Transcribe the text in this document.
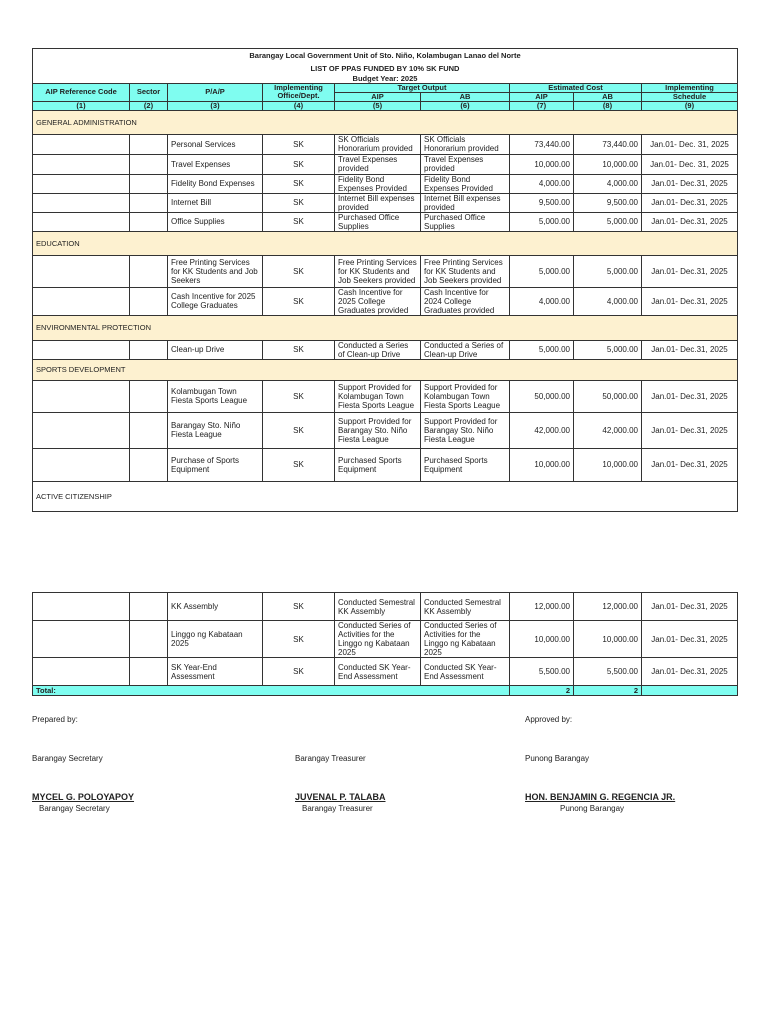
Barangay Local Government Unit of Sto. Niño, Kolambugan Lanao del Norte								
LIST OF PPAS FUNDED BY 10% SK FUND								
Budget Year: 2025								
AIP Reference Code	Sector	P/A/P	Implementing Office/Dept.	Target Output		Estimated Cost		Implementing
				AIP	AB	AIP	AB	Schedule
(1)	(2)	(3)	(4)	(5)	(6)	(7)	(8)	(9)
GENERAL ADMINISTRATION								
		Personal Services	SK	SK Officials Honorarium provided	SK Officials Honorarium provided	73,440.00	73,440.00	Jan.01- Dec. 31, 2025
		Travel Expenses	SK	Travel Expenses provided	Travel Expenses provided	10,000.00	10,000.00	Jan.01- Dec. 31, 2025
		Fidelity Bond Expenses	SK	Fidelity Bond Expenses Provided	Fidelity Bond Expenses Provided	4,000.00	4,000.00	Jan.01- Dec.31, 2025
		Internet Bill	SK	Internet Bill expenses provided	Internet Bill expenses provided	9,500.00	9,500.00	Jan.01- Dec.31, 2025
		Office Supplies	SK	Purchased Office Supplies	Purchased Office Supplies	5,000.00	5,000.00	Jan.01- Dec.31, 2025
EDUCATION								
		Free Printing Services for KK Students and Job Seekers	SK	Free Printing Services for KK Students and Job Seekers provided	Free Printing Services for KK Students and Job Seekers provided	5,000.00	5,000.00	Jan.01- Dec.31, 2025
		Cash Incentive for 2025 College Graduates	SK	Cash Incentive for 2025 College Graduates provided	Cash Incentive for 2024 College Graduates provided	4,000.00	4,000.00	Jan.01- Dec.31, 2025
ENVIRONMENTAL PROTECTION								
		Clean-up Drive	SK	Conducted a Series of Clean-up Drive	Conducted a Series of Clean-up Drive	5,000.00	5,000.00	Jan.01- Dec.31, 2025
SPORTS DEVELOPMENT								
		Kolambugan Town Fiesta Sports League	SK	Support Provided for Kolambugan Town Fiesta Sports League	Support Provided for Kolambugan Town Fiesta Sports League	50,000.00	50,000.00	Jan.01- Dec.31, 2025
		Barangay Sto. Niño Fiesta League	SK	Support Provided for Barangay Sto. Niño Fiesta League	Support Provided for Barangay Sto. Niño Fiesta League	42,000.00	42,000.00	Jan.01- Dec.31, 2025
		Purchase of Sports Equipment	SK	Purchased Sports Equipment	Purchased Sports Equipment	10,000.00	10,000.00	Jan.01- Dec.31, 2025
ACTIVE CITIZENSHIP								
		KK Assembly	SK	Conducted Semestral KK Assembly	Conducted Semestral KK Assembly	12,000.00	12,000.00	Jan.01- Dec.31, 2025
		Linggo ng Kabataan 2025	SK	Conducted Series of Activities for the Linggo ng Kabataan 2025	Conducted Series of Activities for the Linggo ng Kabataan 2025	10,000.00	10,000.00	Jan.01- Dec.31, 2025
		SK Year-End Assessment	SK	Conducted SK Year-End Assessment	Conducted SK Year-End Assessment	5,500.00	5,500.00	Jan.01- Dec.31, 2025
Total:						2	2	
Prepared by:	Approved by:
Barangay Secretary	Barangay Treasurer	Punong Barangay
MYCEL G. POLOYAPOY	JUVENAL P. TALABA	HON. BENJAMIN G. REGENCIA JR.
Barangay Secretary	Barangay Treasurer	Punong Barangay
